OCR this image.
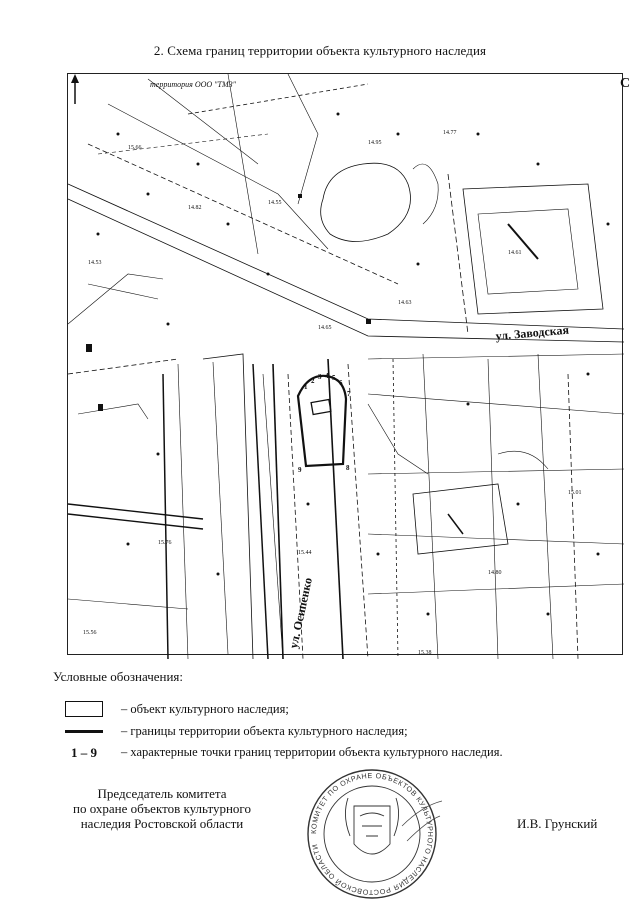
2. Схема границ территории объекта культурного наследия
15.66
14.82
14.55
14.95
14.77
14.61
14.53
14.65
14.63
15.76
15.44
14.80
15.01
15.38
15.56
территория ООО "ТМЗ"
ул. Заводская
ул. Осипенко
1
2 3 4 5
6
7
8
9
С
Условные обозначения:
– объект культурного наследия;
– границы территории объекта культурного наследия;
1 – 9	– характерные точки границ территории объекта культурного наследия.
Председатель комитета
по охране объектов культурного
наследия Ростовской области
КОМИТЕТ ПО ОХРАНЕ ОБЪЕКТОВ КУЛЬТУРНОГО НАСЛЕДИЯ РОСТОВСКОЙ ОБЛАСТИ
И.В. Грунский
